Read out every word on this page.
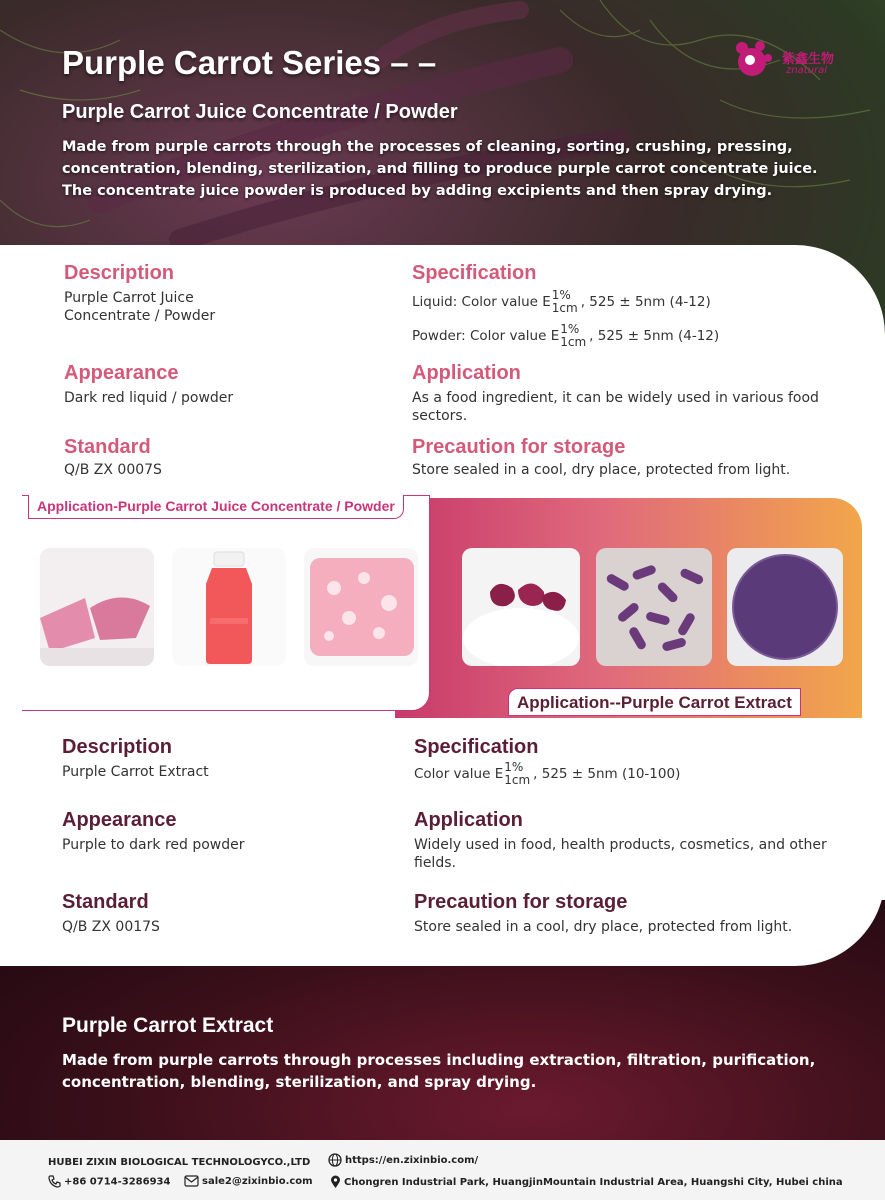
Purple Carrot Series – –
Purple Carrot Juice Concentrate / Powder
Made from purple carrots through the processes of cleaning, sorting, crushing, pressing, concentration, blending, sterilization, and filling to produce purple carrot concentrate juice. The concentrate juice powder is produced by adding excipients and then spray drying.
紫鑫生物
znatural
Description
Purple Carrot Juice Concentrate / Powder
Specification
Liquid: Color value E 1%
1cm , 525 ± 5nm (4-12)
Powder: Color value E 1%
1cm , 525 ± 5nm (4-12)
Appearance
Dark red liquid / powder
Application
As a food ingredient, it can be widely used in various food sectors.
Standard
Q/B ZX 0007S
Precaution for storage
Store sealed in a cool, dry place, protected from light.
Application-Purple Carrot Juice Concentrate / Powder
Application--Purple Carrot Extract
Description
Purple Carrot Extract
Specification
Color value E 1%
1cm , 525 ± 5nm (10-100)
Appearance
Purple to dark red powder
Application
Widely used in food, health products, cosmetics, and other fields.
Standard
Q/B ZX 0017S
Precaution for storage
Store sealed in a cool, dry place, protected from light.
Purple Carrot Extract
Made from purple carrots through processes including extraction, filtration, purification, concentration, blending, sterilization, and spray drying.
HUBEI ZIXIN BIOLOGICAL TECHNOLOGYCO.,LTD	https://en.zixinbio.com/
+86 0714-3286934	sale2@zixinbio.com	Chongren Industrial Park, HuangjinMountain Industrial Area, Huangshi City, Hubei china
